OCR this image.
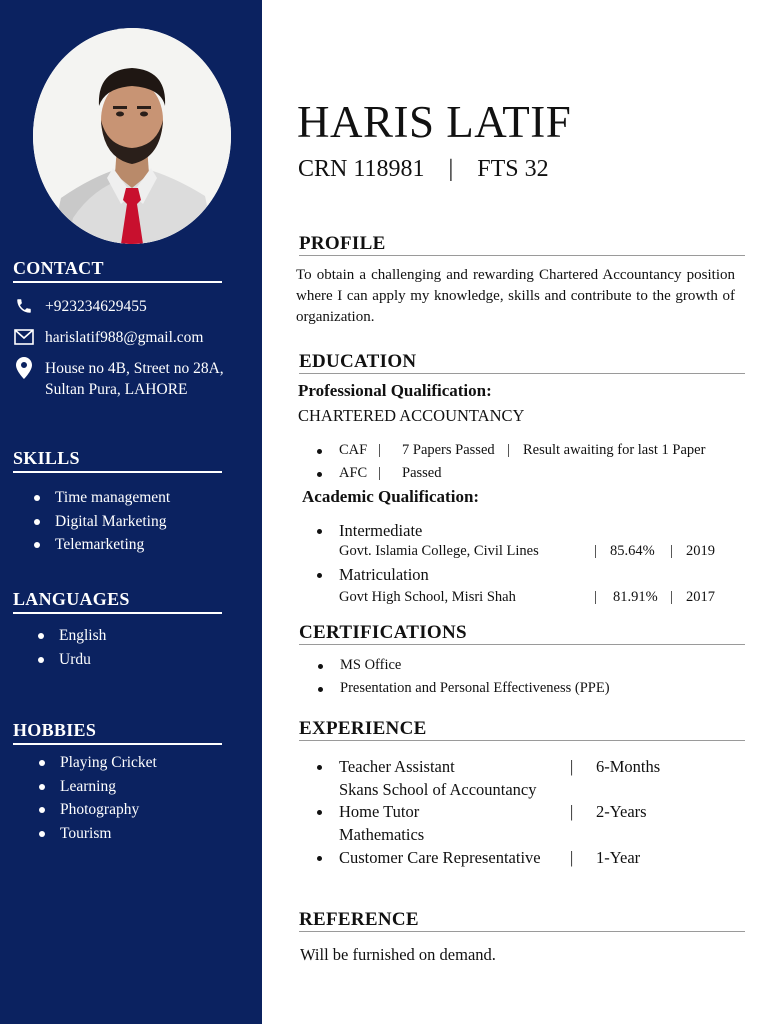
CONTACT
+923234629455
harislatif988@gmail.com
House no 4B, Street no 28A,
Sultan Pura, LAHORE
SKILLS
Time management
Digital Marketing
Telemarketing
LANGUAGES
English
Urdu
HOBBIES
Playing Cricket
Learning
Photography
Tourism
HARIS LATIF
CRN 118981    |    FTS 32
PROFILE
To obtain a challenging and rewarding Chartered Accountancy position where I can apply my knowledge, skills and contribute to the growth of organization.
EDUCATION
Professional Qualification:
CHARTERED ACCOUNTANCY
CAF | 7 Papers Passed | Result awaiting for last 1 Paper
AFC | Passed
Academic Qualification:
Intermediate
Govt. Islamia College, Civil Lines	| 85.64% | 2019
Matriculation
Govt High School, Misri Shah	| 81.91% | 2017
CERTIFICATIONS
MS Office
Presentation and Personal Effectiveness (PPE)
EXPERIENCE
Teacher Assistant	| 6-Months
Skans School of Accountancy
Home Tutor	| 2-Years
Mathematics
Customer Care Representative | 1-Year
REFERENCE
Will be furnished on demand.
